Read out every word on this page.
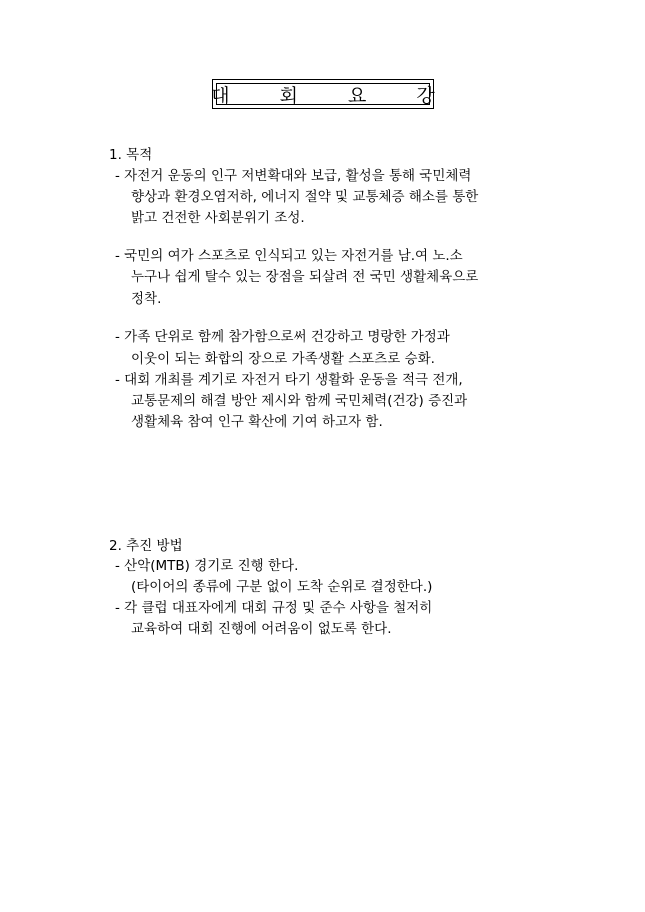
대 회 요 강
1. 목적
- 자전거 운동의 인구 저변확대와 보급, 활성을 통해 국민체력
향상과 환경오염저하, 에너지 절약 및 교통체증 해소를 통한
밝고 건전한 사회분위기 조성.
- 국민의 여가 스포츠로 인식되고 있는 자전거를 남.여 노.소
누구나 쉽게 탈수 있는 장점을 되살려 전 국민 생활체육으로
정착.
- 가족 단위로 함께 참가함으로써 건강하고 명랑한 가정과
이웃이 되는 화합의 장으로 가족생활 스포츠로 승화.
- 대회 개최를 계기로 자전거 타기 생활화 운동을 적극 전개,
교통문제의 해결 방안 제시와 함께 국민체력(건강) 증진과
생활체육 참여 인구 확산에 기여 하고자 함.
2. 추진 방법
- 산악(MTB) 경기로 진행 한다.
(타이어의 종류에 구분 없이 도착 순위로 결정한다.)
- 각 클럽 대표자에게 대회 규정 및 준수 사항을 철저히
교육하여 대회 진행에 어려움이 없도록 한다.
